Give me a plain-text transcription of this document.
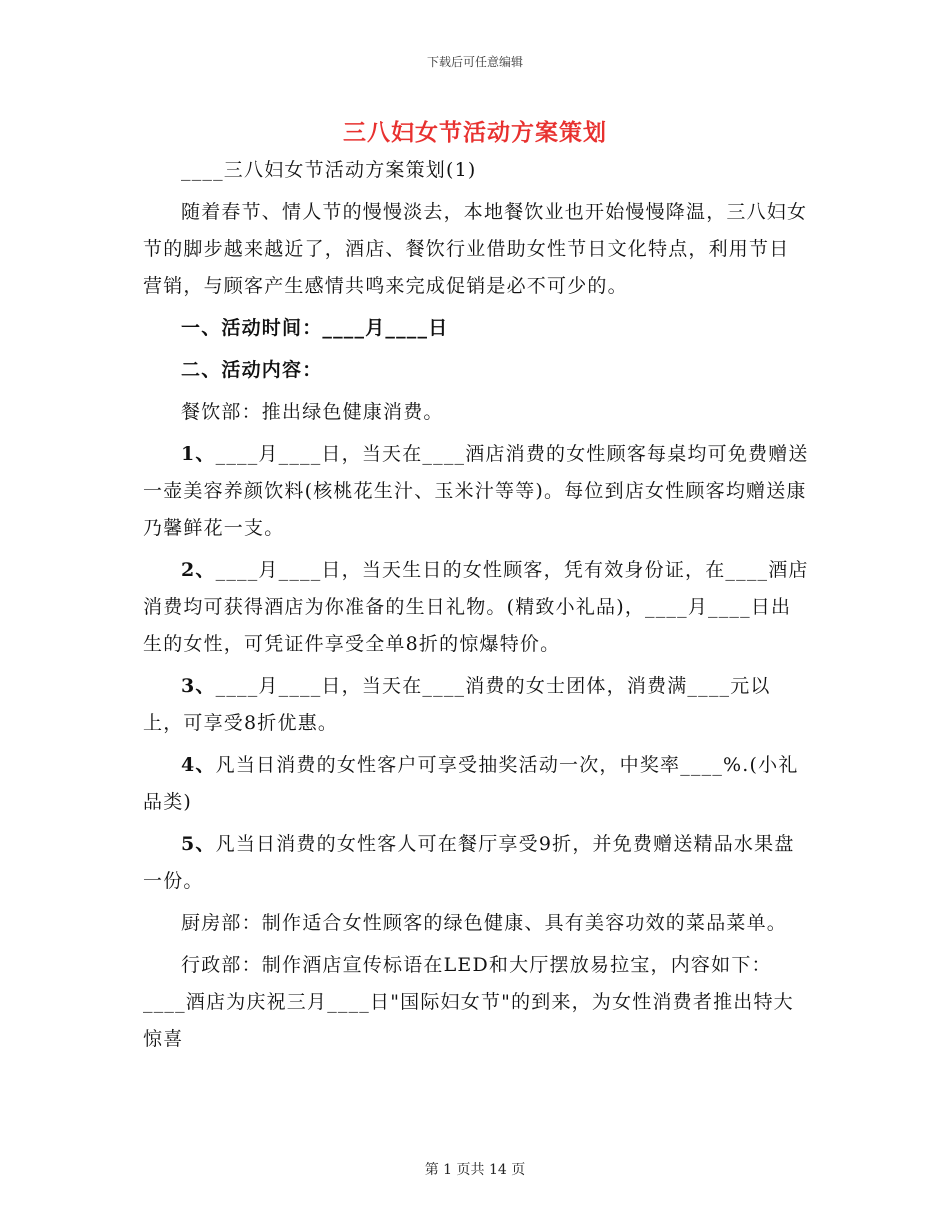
下载后可任意编辑
三八妇女节活动方案策划

____三八妇女节活动方案策划(1)

随着春节、情人节的慢慢淡去，本地餐饮业也开始慢慢降温，三八妇女节的脚步越来越近了，酒店、餐饮行业借助女性节日文化特点，利用节日营销，与顾客产生感情共鸣来完成促销是必不可少的。

一、活动时间：____月____日

二、活动内容：

餐饮部：推出绿色健康消费。

1、____月____日，当天在____酒店消费的女性顾客每桌均可免费赠送一壶美容养颜饮料(核桃花生汁、玉米汁等等)。每位到店女性顾客均赠送康乃馨鲜花一支。

2、____月____日，当天生日的女性顾客，凭有效身份证，在____酒店消费均可获得酒店为你准备的生日礼物。(精致小礼品)，____月____日出生的女性，可凭证件享受全单8折的惊爆特价。

3、____月____日，当天在____消费的女士团体，消费满____元以上，可享受8折优惠。

4、凡当日消费的女性客户可享受抽奖活动一次，中奖率____%.(小礼品类)

5、凡当日消费的女性客人可在餐厅享受9折，并免费赠送精品水果盘一份。

厨房部：制作适合女性顾客的绿色健康、具有美容功效的菜品菜单。

行政部：制作酒店宣传标语在LED和大厅摆放易拉宝，内容如下：____酒店为庆祝三月____日"国际妇女节"的到来，为女性消费者推出特大惊喜

第 1 页共 14 页
